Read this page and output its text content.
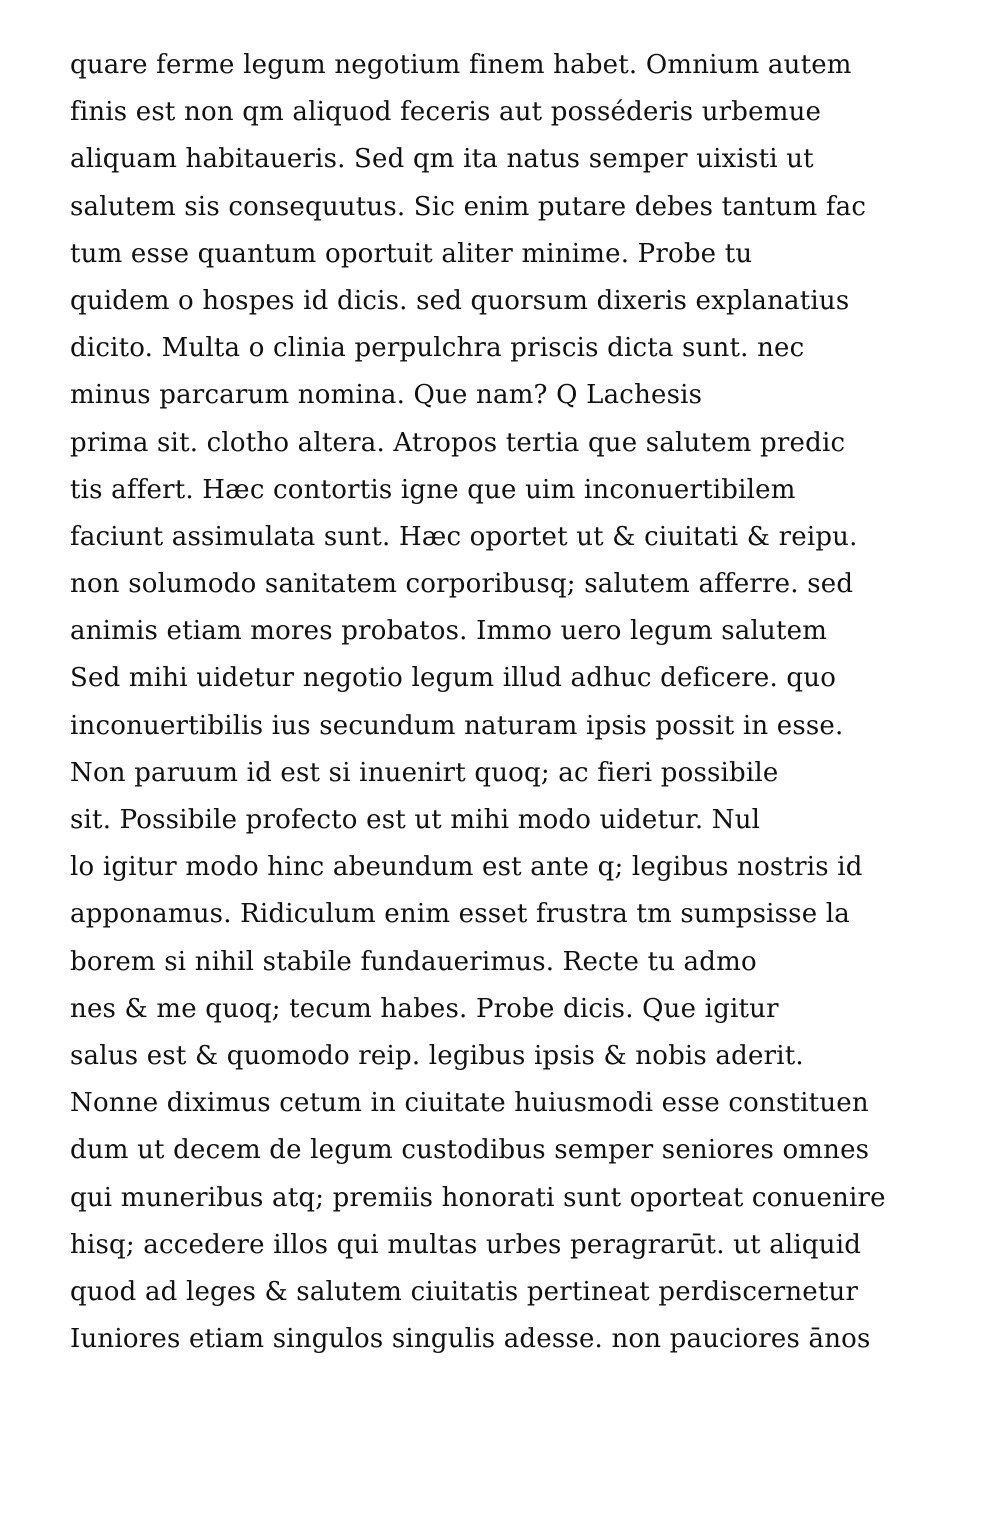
quare ferme legum negotium finem habet. Omnium autem
finis est non qm aliquod feceris aut posséderis urbemue
aliquam habitaueris. Sed qm ita natus semper uixisti ut
salutem sis consequutus. Sic enim putare debes tantum fac
tum esse quantum oportuit aliter minime. Probe tu
quidem o hospes id dicis. sed quorsum dixeris explanatius
dicito. Multa o clinia perpulchra priscis dicta sunt. nec
minus parcarum nomina. Que nam? Q Lachesis
prima sit. clotho altera. Atropos tertia que salutem predic
tis affert. Hæc contortis igne que uim inconuertibilem
faciunt assimulata sunt. Hæc oportet ut & ciuitati & reipu.
non solumodo sanitatem corporibusq; salutem afferre. sed
animis etiam mores probatos. Immo uero legum salutem
Sed mihi uidetur negotio legum illud adhuc deficere. quo
inconuertibilis ius secundum naturam ipsis possit in esse.
Non paruum id est si inuenirt quoq; ac fieri possibile
sit. Possibile profecto est ut mihi modo uidetur. Nul
lo igitur modo hinc abeundum est ante q; legibus nostris id
apponamus. Ridiculum enim esset frustra tm sumpsisse la
borem si nihil stabile fundauerimus. Recte tu admo
nes & me quoq; tecum habes. Probe dicis. Que igitur
salus est & quomodo reip. legibus ipsis & nobis aderit.
Nonne diximus cetum in ciuitate huiusmodi esse constituen
dum ut decem de legum custodibus semper seniores omnes
qui muneribus atq; premiis honorati sunt oporteat conuenire
hisq; accedere illos qui multas urbes peragrarūt. ut aliquid
quod ad leges & salutem ciuitatis pertineat perdiscernetur
Iuniores etiam singulos singulis adesse. non pauciores ānos
